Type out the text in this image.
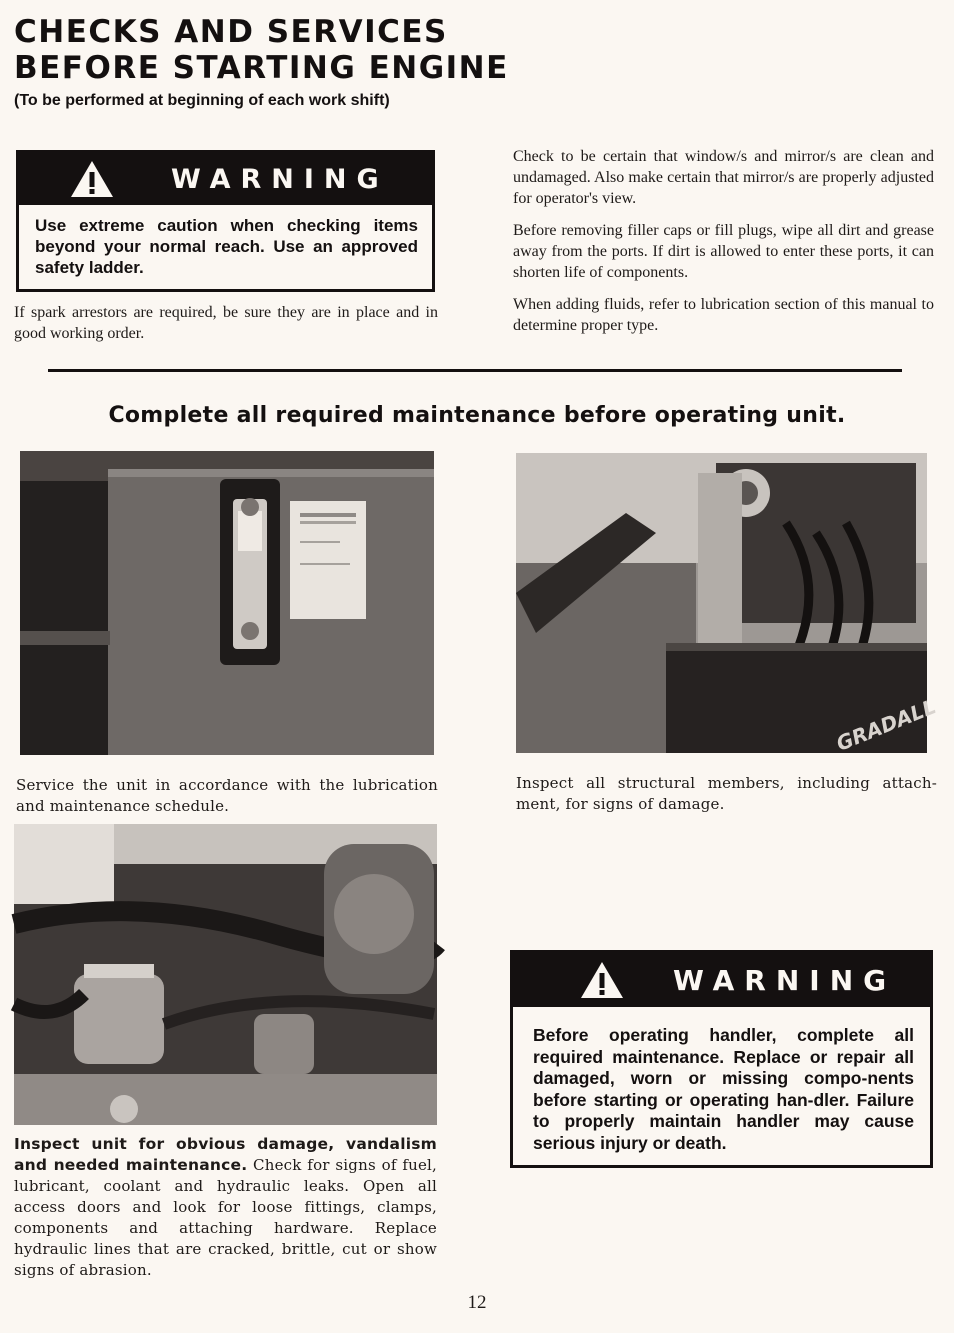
CHECKS AND SERVICES
BEFORE STARTING ENGINE
(To be performed at beginning of each work shift)
WARNING
Use extreme caution when checking items beyond your normal reach. Use an approved safety ladder.

If spark arrestors are required, be sure they are in place and in good working order.

Check to be certain that window/s and mirror/s are clean and undamaged. Also make certain that mirror/s are properly adjusted for operator's view.

Before removing filler caps or fill plugs, wipe all dirt and grease away from the ports. If dirt is allowed to enter these ports, it can shorten life of components.

When adding fluids, refer to lubrication section of this manual to determine proper type.

Complete all required maintenance before operating unit.
Service the unit in accordance with the lubrication and maintenance schedule.
GRADALL
Inspect all structural members, including attach-ment, for signs of damage.
Inspect unit for obvious damage, vandalism and needed maintenance. Check for signs of fuel, lubricant, coolant and hydraulic leaks. Open all access doors and look for loose fittings, clamps, components and attaching hardware. Replace hydraulic lines that are cracked, brittle, cut or show signs of abrasion.
WARNING
Before operating handler, complete all required maintenance. Replace or repair all damaged, worn or missing compo-nents before starting or operating han-dler. Failure to properly maintain handler may cause serious injury or death.
12
